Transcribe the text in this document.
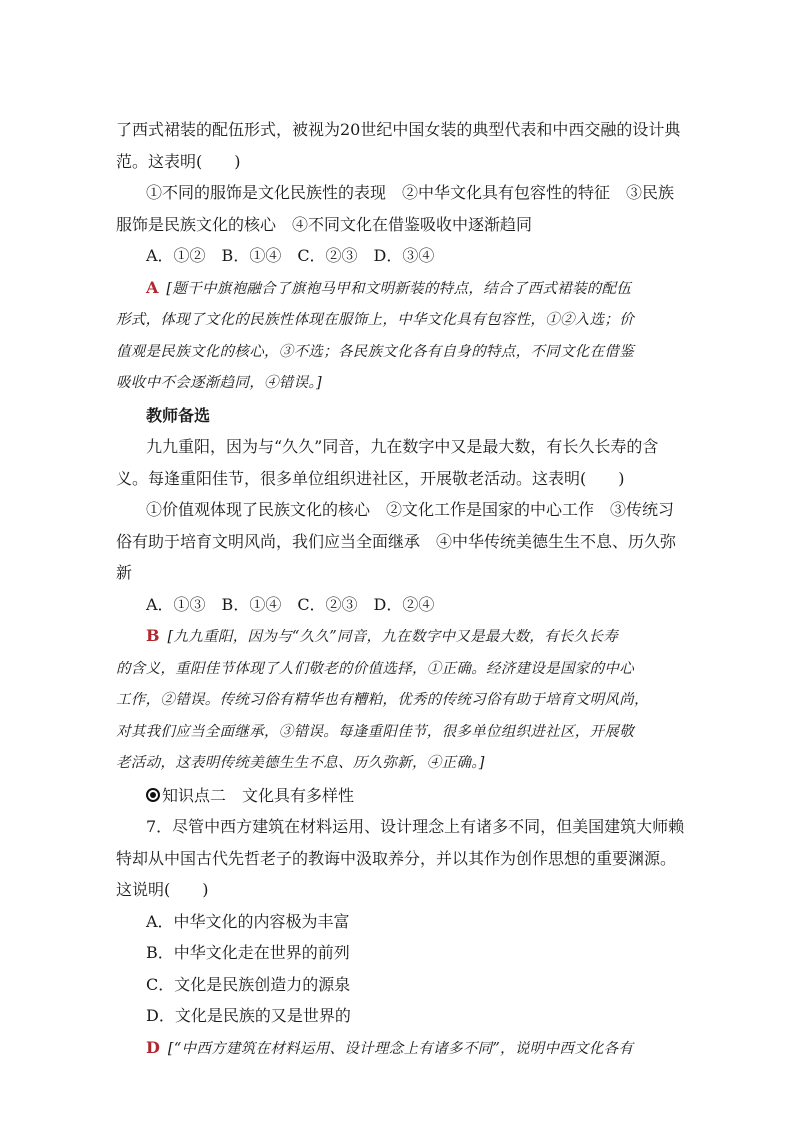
了西式裙装的配伍形式，被视为20世纪中国女装的典型代表和中西交融的设计典

范。这表明(　　)

①不同的服饰是文化民族性的表现　②中华文化具有包容性的特征　③民族

服饰是民族文化的核心　④不同文化在借鉴吸收中逐渐趋同

A．①②　B．①④　C．②③　D．③④

A [题干中旗袍融合了旗袍马甲和文明新装的特点，结合了西式裙装的配伍

形式，体现了文化的民族性体现在服饰上，中华文化具有包容性，①②入选；价

值观是民族文化的核心，③不选；各民族文化各有自身的特点，不同文化在借鉴

吸收中不会逐渐趋同，④错误。]

教师备选

九九重阳，因为与“久久”同音，九在数字中又是最大数，有长久长寿的含

义。每逢重阳佳节，很多单位组织进社区，开展敬老活动。这表明(　　)

①价值观体现了民族文化的核心　②文化工作是国家的中心工作　③传统习

俗有助于培育文明风尚，我们应当全面继承　④中华传统美德生生不息、历久弥

新

A．①③　B．①④　C．②③　D．②④

B [九九重阳，因为与“久久”同音，九在数字中又是最大数，有长久长寿

的含义，重阳佳节体现了人们敬老的价值选择，①正确。经济建设是国家的中心

工作，②错误。传统习俗有精华也有糟粕，优秀的传统习俗有助于培育文明风尚，

对其我们应当全面继承，③错误。每逢重阳佳节，很多单位组织进社区，开展敬

老活动，这表明传统美德生生不息、历久弥新，④正确。]

知识点二　文化具有多样性

7．尽管中西方建筑在材料运用、设计理念上有诸多不同，但美国建筑大师赖

特却从中国古代先哲老子的教诲中汲取养分，并以其作为创作思想的重要渊源。

这说明(　　)

A．中华文化的内容极为丰富

B．中华文化走在世界的前列

C．文化是民族创造力的源泉

D．文化是民族的又是世界的

D [“中西方建筑在材料运用、设计理念上有诸多不同”，说明中西文化各有
